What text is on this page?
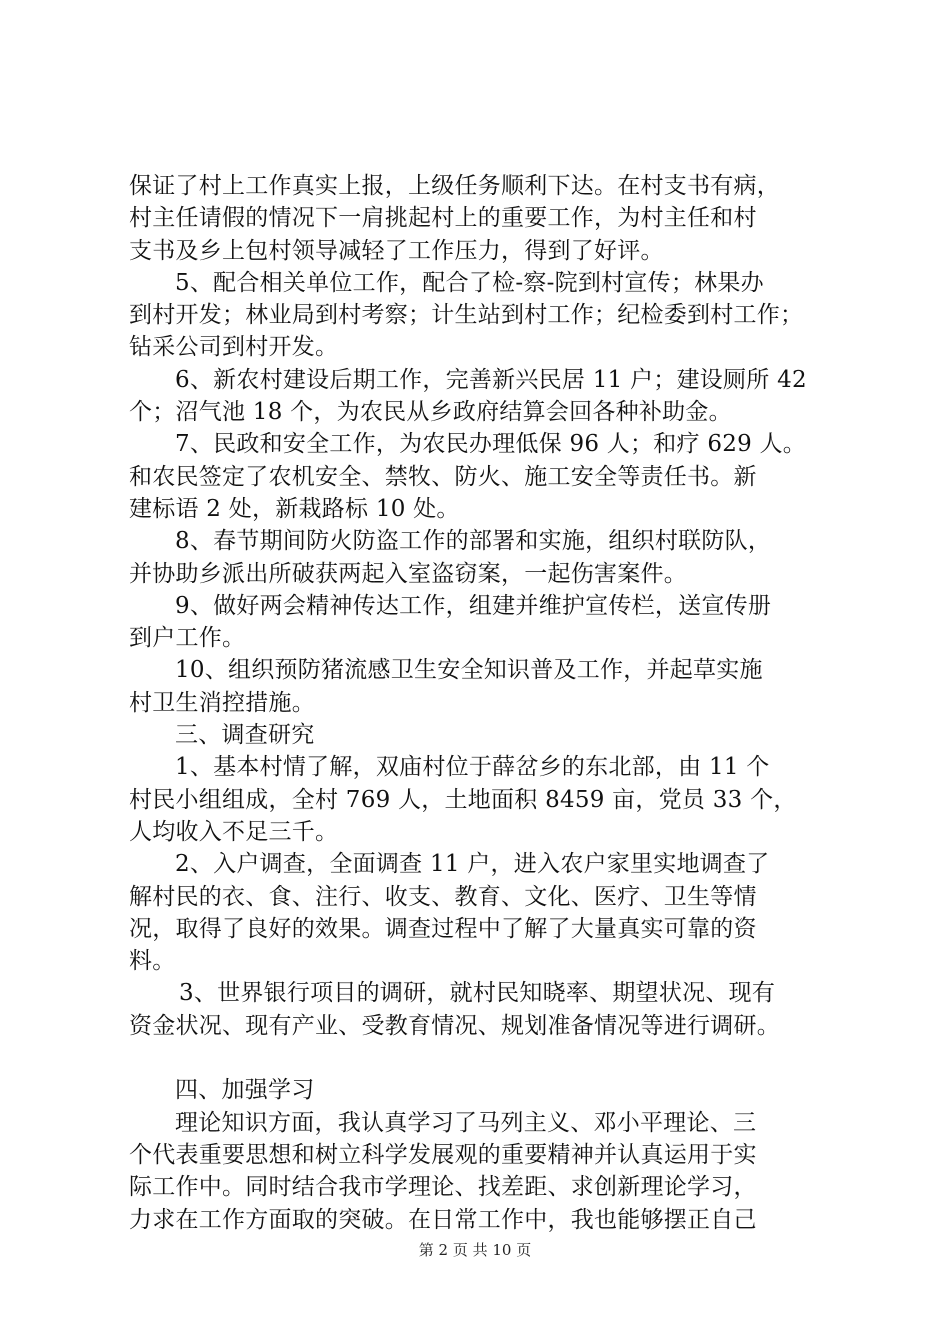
保证了村上工作真实上报，上级任务顺利下达。在村支书有病，
村主任请假的情况下一肩挑起村上的重要工作，为村主任和村
支书及乡上包村领导减轻了工作压力，得到了好评。
5、配合相关单位工作，配合了检-察-院到村宣传；林果办
到村开发；林业局到村考察；计生站到村工作；纪检委到村工作；
钻采公司到村开发。
6、新农村建设后期工作，完善新兴民居 11 户；建设厕所 42
个；沼气池 18 个，为农民从乡政府结算会回各种补助金。
7、民政和安全工作，为农民办理低保 96 人；和疗 629 人。
和农民签定了农机安全、禁牧、防火、施工安全等责任书。新
建标语 2 处，新栽路标 10 处。
8、春节期间防火防盗工作的部署和实施，组织村联防队，
并协助乡派出所破获两起入室盗窃案，一起伤害案件。
9、做好两会精神传达工作，组建并维护宣传栏，送宣传册
到户工作。
10、组织预防猪流感卫生安全知识普及工作，并起草实施
村卫生消控措施。
三、调查研究
1、基本村情了解，双庙村位于薛岔乡的东北部，由 11 个
村民小组组成，全村 769 人，土地面积 8459 亩，党员 33 个，
人均收入不足三千。
2、入户调查，全面调查 11 户，进入农户家里实地调查了
解村民的衣、食、注行、收支、教育、文化、医疗、卫生等情
况，取得了良好的效果。调查过程中了解了大量真实可靠的资
料。
3、世界银行项目的调研，就村民知晓率、期望状况、现有
资金状况、现有产业、受教育情况、规划准备情况等进行调研。
四、加强学习
理论知识方面，我认真学习了马列主义、邓小平理论、三
个代表重要思想和树立科学发展观的重要精神并认真运用于实
际工作中。同时结合我市学理论、找差距、求创新理论学习，
力求在工作方面取的突破。在日常工作中，我也能够摆正自己
第 2 页 共 10 页
